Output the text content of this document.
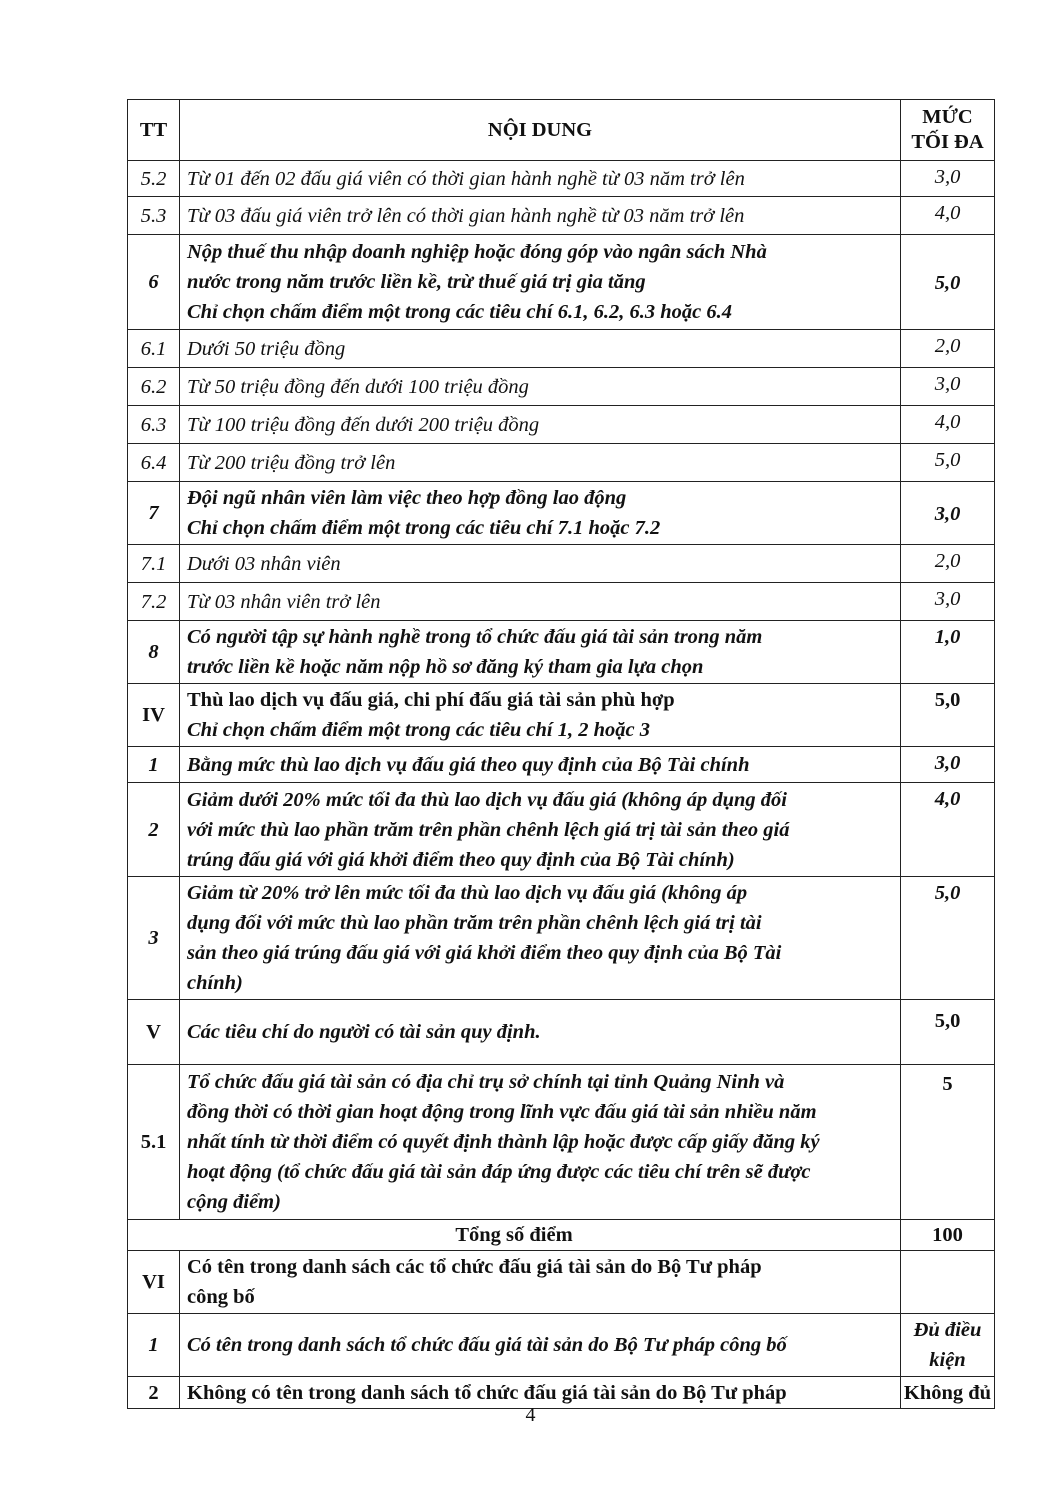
TT	NỘI DUNG	MỨC
TỐI ĐA

5.2	Từ 01 đến 02 đấu giá viên có thời gian hành nghề từ 03 năm trở lên	3,0
5.3	Từ 03 đấu giá viên trở lên có thời gian hành nghề từ 03 năm trở lên	4,0
6	Nộp thuế thu nhập doanh nghiệp hoặc đóng góp vào ngân sách Nhà
nước trong năm trước liền kề, trừ thuế giá trị gia tăng
Chỉ chọn chấm điểm một trong các tiêu chí 6.1, 6.2, 6.3 hoặc 6.4	5,0
6.1	Dưới 50 triệu đồng	2,0
6.2	Từ 50 triệu đồng đến dưới 100 triệu đồng	3,0
6.3	Từ 100 triệu đồng đến dưới 200 triệu đồng	4,0
6.4	Từ 200 triệu đồng trở lên	5,0
7	Đội ngũ nhân viên làm việc theo hợp đồng lao động
Chỉ chọn chấm điểm một trong các tiêu chí 7.1 hoặc 7.2	3,0
7.1	Dưới 03 nhân viên	2,0
7.2	Từ 03 nhân viên trở lên	3,0
8	Có người tập sự hành nghề trong tổ chức đấu giá tài sản trong năm
trước liền kề hoặc năm nộp hồ sơ đăng ký tham gia lựa chọn	1,0
IV	Thù lao dịch vụ đấu giá, chi phí đấu giá tài sản phù hợp
Chỉ chọn chấm điểm một trong các tiêu chí 1, 2 hoặc 3	5,0
1	Bằng mức thù lao dịch vụ đấu giá theo quy định của Bộ Tài chính	3,0
2	Giảm dưới 20% mức tối đa thù lao dịch vụ đấu giá (không áp dụng đối
với mức thù lao phần trăm trên phần chênh lệch giá trị tài sản theo giá
trúng đấu giá với giá khởi điểm theo quy định của Bộ Tài chính)	4,0
3	Giảm từ 20% trở lên mức tối đa thù lao dịch vụ đấu giá (không áp
dụng đối với mức thù lao phần trăm trên phần chênh lệch giá trị tài
sản theo giá trúng đấu giá với giá khởi điểm theo quy định của Bộ Tài
chính)	5,0
V	Các tiêu chí do người có tài sản quy định.	5,0
5.1	Tổ chức đấu giá tài sản có địa chỉ trụ sở chính tại tỉnh Quảng Ninh và
đồng thời có thời gian hoạt động trong lĩnh vực đấu giá tài sản nhiều năm
nhất tính từ thời điểm có quyết định thành lập hoặc được cấp giấy đăng ký
hoạt động (tổ chức đấu giá tài sản đáp ứng được các tiêu chí trên sẽ được
cộng điểm)	5
Tổng số điểm		100
VI	Có tên trong danh sách các tổ chức đấu giá tài sản do Bộ Tư pháp
công bố	

1	Có tên trong danh sách tổ chức đấu giá tài sản do Bộ Tư pháp công bố	Đủ điều
kiện

2	Không có tên trong danh sách tổ chức đấu giá tài sản do Bộ Tư pháp	Không đủ
4
